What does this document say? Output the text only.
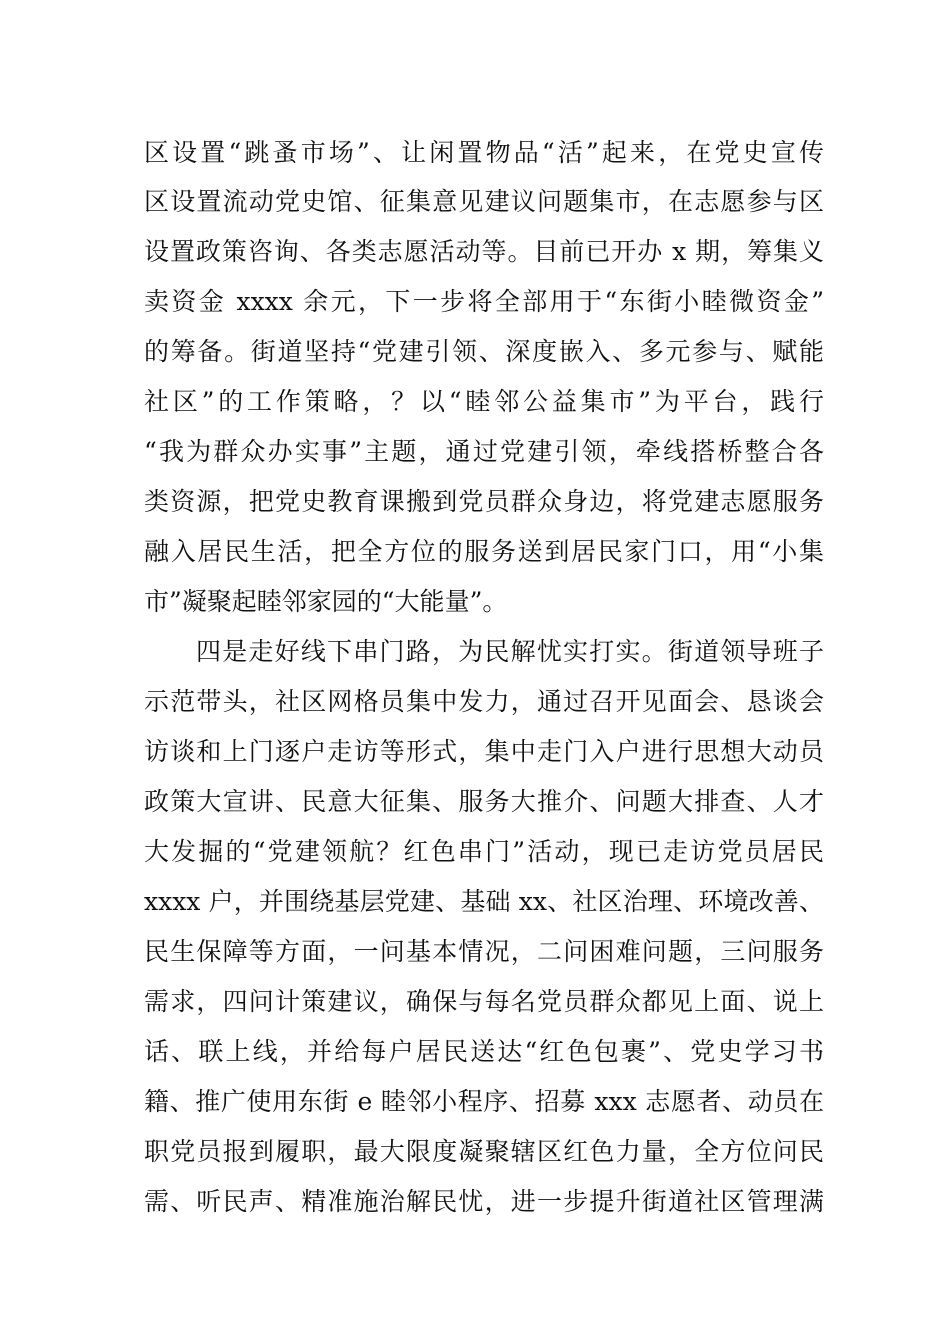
区设置“跳蚤市场”、让闲置物品“活”起来，在党史宣传
区设置流动党史馆、征集意见建议问题集市，在志愿参与区
设置政策咨询、各类志愿活动等。目前已开办 x 期，筹集义
卖资金 xxxx 余元，下一步将全部用于“东街小睦微资金”
的筹备。街道坚持“党建引领、深度嵌入、多元参与、赋能
社区”的工作策略，？以“睦邻公益集市”为平台，践行
“我为群众办实事”主题，通过党建引领，牵线搭桥整合各
类资源，把党史教育课搬到党员群众身边，将党建志愿服务
融入居民生活，把全方位的服务送到居民家门口，用“小集
市”凝聚起睦邻家园的“大能量”。
四是走好线下串门路，为民解忧实打实。街道领导班子
示范带头，社区网格员集中发力，通过召开见面会、恳谈会
访谈和上门逐户走访等形式，集中走门入户进行思想大动员
政策大宣讲、民意大征集、服务大推介、问题大排查、人才
大发掘的“党建领航？红色串门”活动，现已走访党员居民
xxxx 户，并围绕基层党建、基础 xx、社区治理、环境改善、
民生保障等方面，一问基本情况，二问困难问题，三问服务
需求，四问计策建议，确保与每名党员群众都见上面、说上
话、联上线，并给每户居民送达“红色包裹”、党史学习书
籍、推广使用东街 e 睦邻小程序、招募 xxx 志愿者、动员在
职党员报到履职，最大限度凝聚辖区红色力量，全方位问民
需、听民声、精准施治解民忧，进一步提升街道社区管理满
